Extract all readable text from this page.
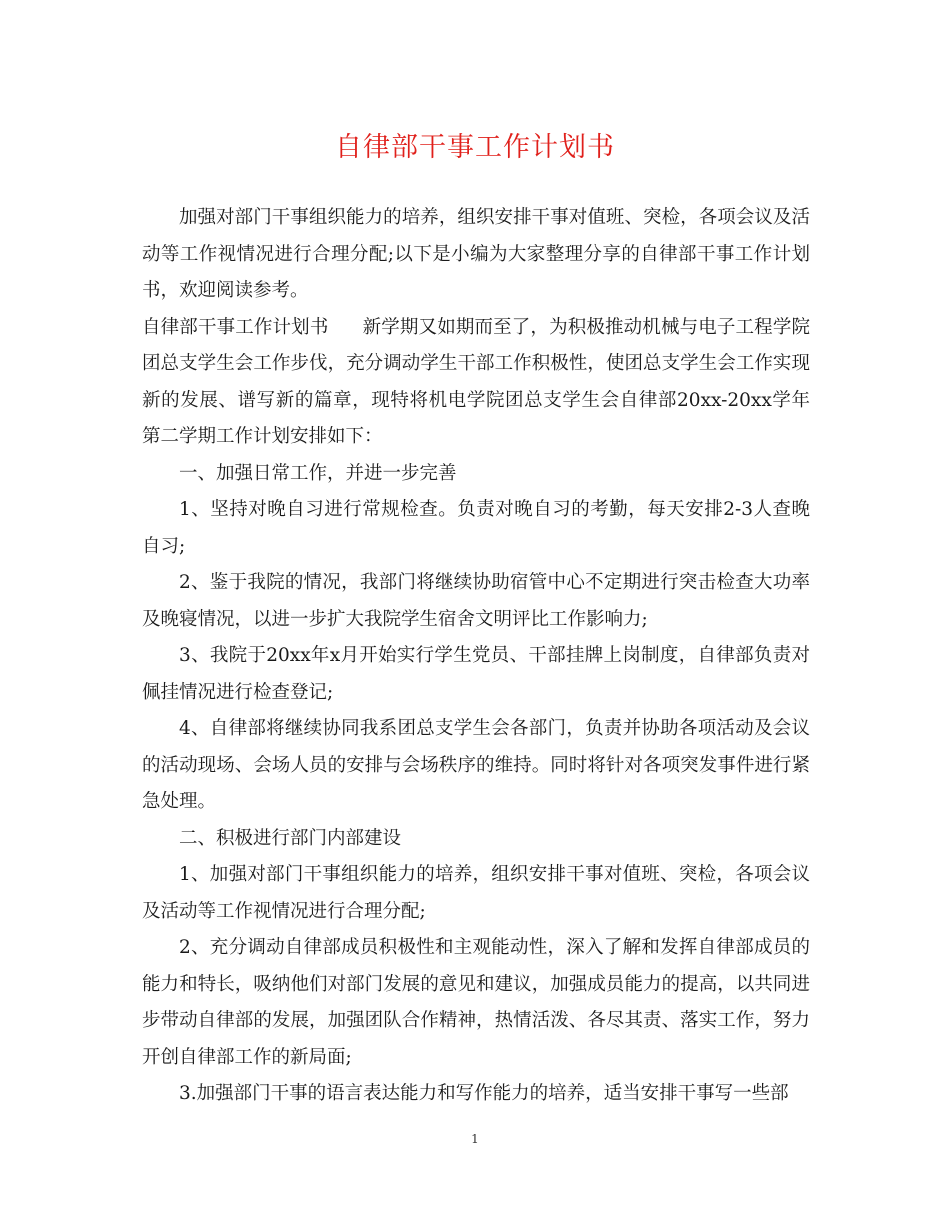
自律部干事工作计划书

加强对部门干事组织能力的培养，组织安排干事对值班、突检，各项会议及活动等工作视情况进行合理分配;以下是小编为大家整理分享的自律部干事工作计划书，欢迎阅读参考。

自律部干事工作计划书 新学期又如期而至了，为积极推动机械与电子工程学院团总支学生会工作步伐，充分调动学生干部工作积极性，使团总支学生会工作实现新的发展、谱写新的篇章，现特将机电学院团总支学生会自律部20xx-20xx学年第二学期工作计划安排如下：

一、加强日常工作，并进一步完善

1、坚持对晚自习进行常规检查。负责对晚自习的考勤，每天安排2-3人查晚自习;

2、鉴于我院的情况，我部门将继续协助宿管中心不定期进行突击检查大功率及晚寝情况，以进一步扩大我院学生宿舍文明评比工作影响力;

3、我院于20xx年x月开始实行学生党员、干部挂牌上岗制度，自律部负责对佩挂情况进行检查登记;

4、自律部将继续协同我系团总支学生会各部门，负责并协助各项活动及会议的活动现场、会场人员的安排与会场秩序的维持。同时将针对各项突发事件进行紧急处理。

二、积极进行部门内部建设

1、加强对部门干事组织能力的培养，组织安排干事对值班、突检，各项会议及活动等工作视情况进行合理分配;

2、充分调动自律部成员积极性和主观能动性，深入了解和发挥自律部成员的能力和特长，吸纳他们对部门发展的意见和建议，加强成员能力的提高，以共同进步带动自律部的发展，加强团队合作精神，热情活泼、各尽其责、落实工作，努力开创自律部工作的新局面;

3.加强部门干事的语言表达能力和写作能力的培养，适当安排干事写一些部

1
